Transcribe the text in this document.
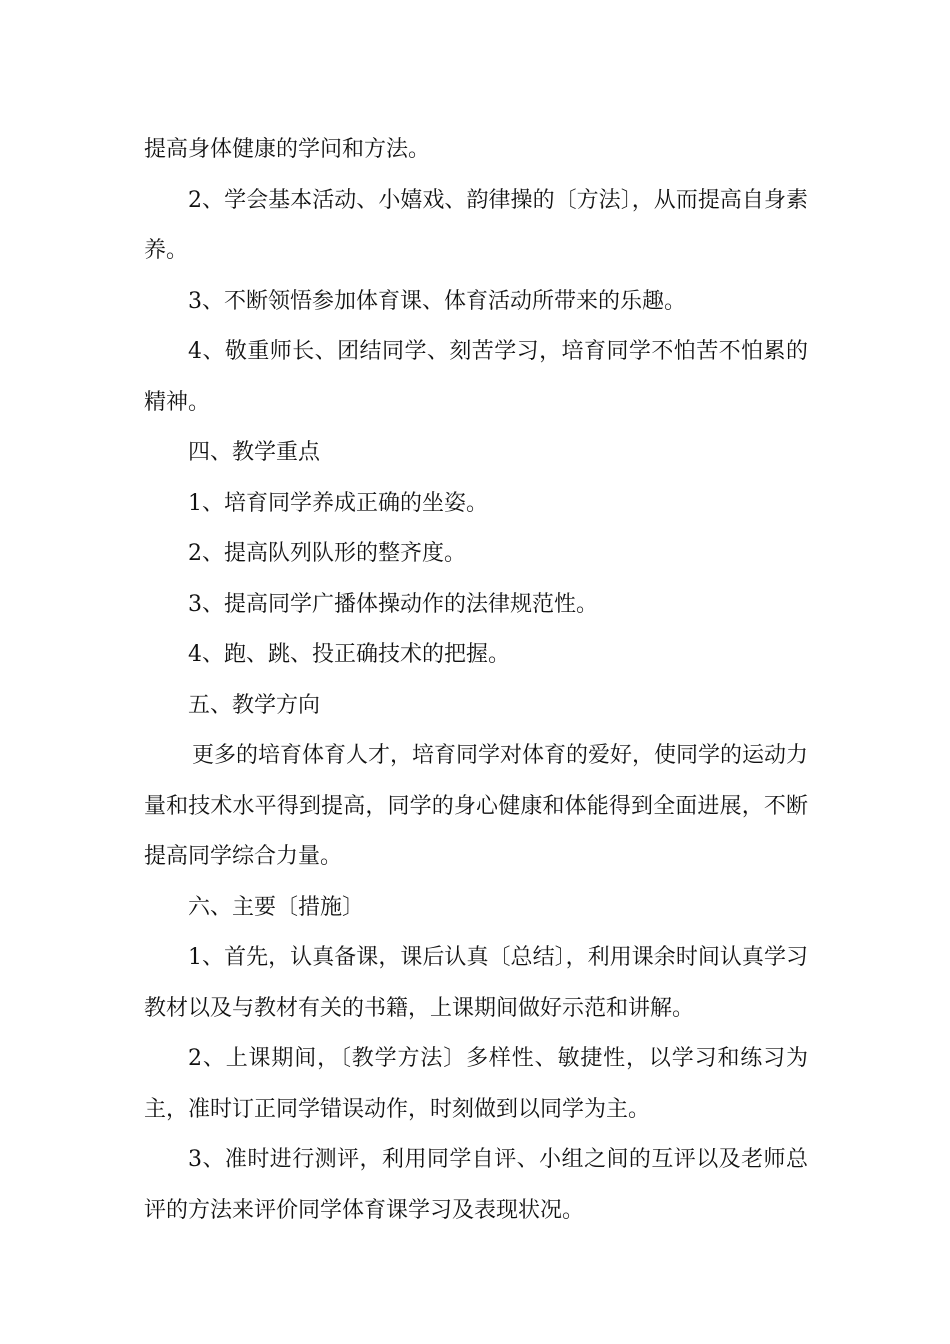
提高身体健康的学问和方法。

2、学会基本活动、小嬉戏、韵律操的〔方法〕，从而提高自身素养。

3、不断领悟参加体育课、体育活动所带来的乐趣。

4、敬重师长、团结同学、刻苦学习，培育同学不怕苦不怕累的精神。

四、教学重点

1、培育同学养成正确的坐姿。

2、提高队列队形的整齐度。

3、提高同学广播体操动作的法律规范性。

4、跑、跳、投正确技术的把握。

五、教学方向

更多的培育体育人才，培育同学对体育的爱好，使同学的运动力量和技术水平得到提高，同学的身心健康和体能得到全面进展，不断提高同学综合力量。

六、主要〔措施〕

1、首先，认真备课，课后认真〔总结〕，利用课余时间认真学习教材以及与教材有关的书籍，上课期间做好示范和讲解。

2、上课期间，〔教学方法〕多样性、敏捷性，以学习和练习为主，准时订正同学错误动作，时刻做到以同学为主。

3、准时进行测评，利用同学自评、小组之间的互评以及老师总评的方法来评价同学体育课学习及表现状况。
